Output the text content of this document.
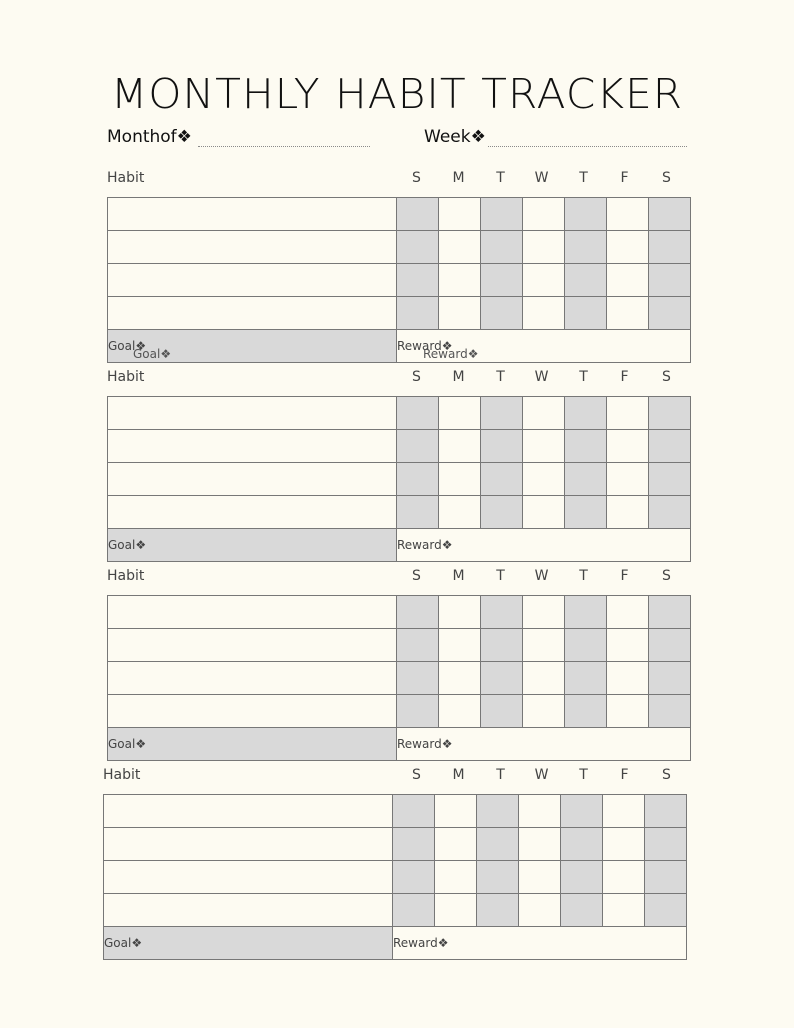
MONTHLY HABIT TRACKER
Monthof❖	Week❖
Habit	S	M	T	W	T	F	S

Goal❖	Reward❖						
Habit	S	M	T	W	T	F	S

Goal❖	Reward❖						
Habit	S	M	T	W	T	F	S

Goal❖	Reward❖						
Habit	S	M	T	W	T	F	S

Goal❖	Reward❖						
Goal❖	Reward❖
